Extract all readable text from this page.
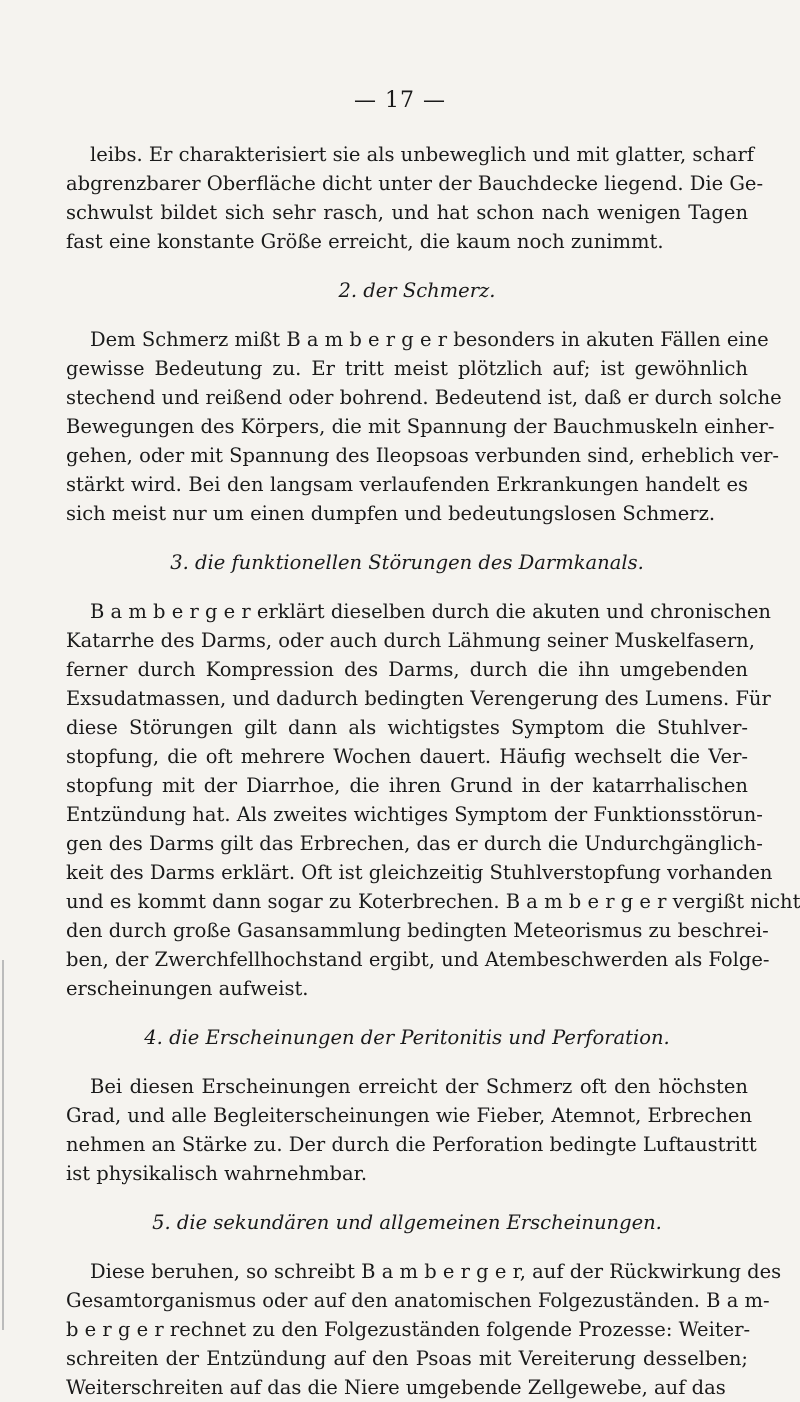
— 17 —

leibs. Er charakterisiert sie als unbeweglich und mit glatter, scharf
abgrenzbarer Oberfläche dicht unter der Bauchdecke liegend. Die Ge-
schwulst bildet sich sehr rasch, und hat schon nach wenigen Tagen
fast eine konstante Größe erreicht, die kaum noch zunimmt.

2. der Schmerz.

Dem Schmerz mißt B a m b e r g e r besonders in akuten Fällen eine
gewisse Bedeutung zu. Er tritt meist plötzlich auf; ist gewöhnlich
stechend und reißend oder bohrend. Bedeutend ist, daß er durch solche
Bewegungen des Körpers, die mit Spannung der Bauchmuskeln einher-
gehen, oder mit Spannung des Ileopsoas verbunden sind, erheblich ver-
stärkt wird. Bei den langsam verlaufenden Erkrankungen handelt es
sich meist nur um einen dumpfen und bedeutungslosen Schmerz.

3. die funktionellen Störungen des Darmkanals.

B a m b e r g e r erklärt dieselben durch die akuten und chronischen
Katarrhe des Darms, oder auch durch Lähmung seiner Muskelfasern,
ferner durch Kompression des Darms, durch die ihn umgebenden
Exsudatmassen, und dadurch bedingten Verengerung des Lumens. Für
diese Störungen gilt dann als wichtigstes Symptom die Stuhlver-
stopfung, die oft mehrere Wochen dauert. Häufig wechselt die Ver-
stopfung mit der Diarrhoe, die ihren Grund in der katarrhalischen
Entzündung hat. Als zweites wichtiges Symptom der Funktionsstörun-
gen des Darms gilt das Erbrechen, das er durch die Undurchgänglich-
keit des Darms erklärt. Oft ist gleichzeitig Stuhlverstopfung vorhanden
und es kommt dann sogar zu Koterbrechen. B a m b e r g e r vergißt nicht
den durch große Gasansammlung bedingten Meteorismus zu beschrei-
ben, der Zwerchfellhochstand ergibt, und Atembeschwerden als Folge-
erscheinungen aufweist.

4. die Erscheinungen der Peritonitis und Perforation.

Bei diesen Erscheinungen erreicht der Schmerz oft den höchsten
Grad, und alle Begleiterscheinungen wie Fieber, Atemnot, Erbrechen
nehmen an Stärke zu. Der durch die Perforation bedingte Luftaustritt
ist physikalisch wahrnehmbar.

5. die sekundären und allgemeinen Erscheinungen.

Diese beruhen, so schreibt B a m b e r g e r, auf der Rückwirkung des
Gesamtorganismus oder auf den anatomischen Folgezuständen. B a m-
b e r g e r rechnet zu den Folgezuständen folgende Prozesse: Weiter-
schreiten der Entzündung auf den Psoas mit Vereiterung desselben;
Weiterschreiten auf das die Niere umgebende Zellgewebe, auf das
